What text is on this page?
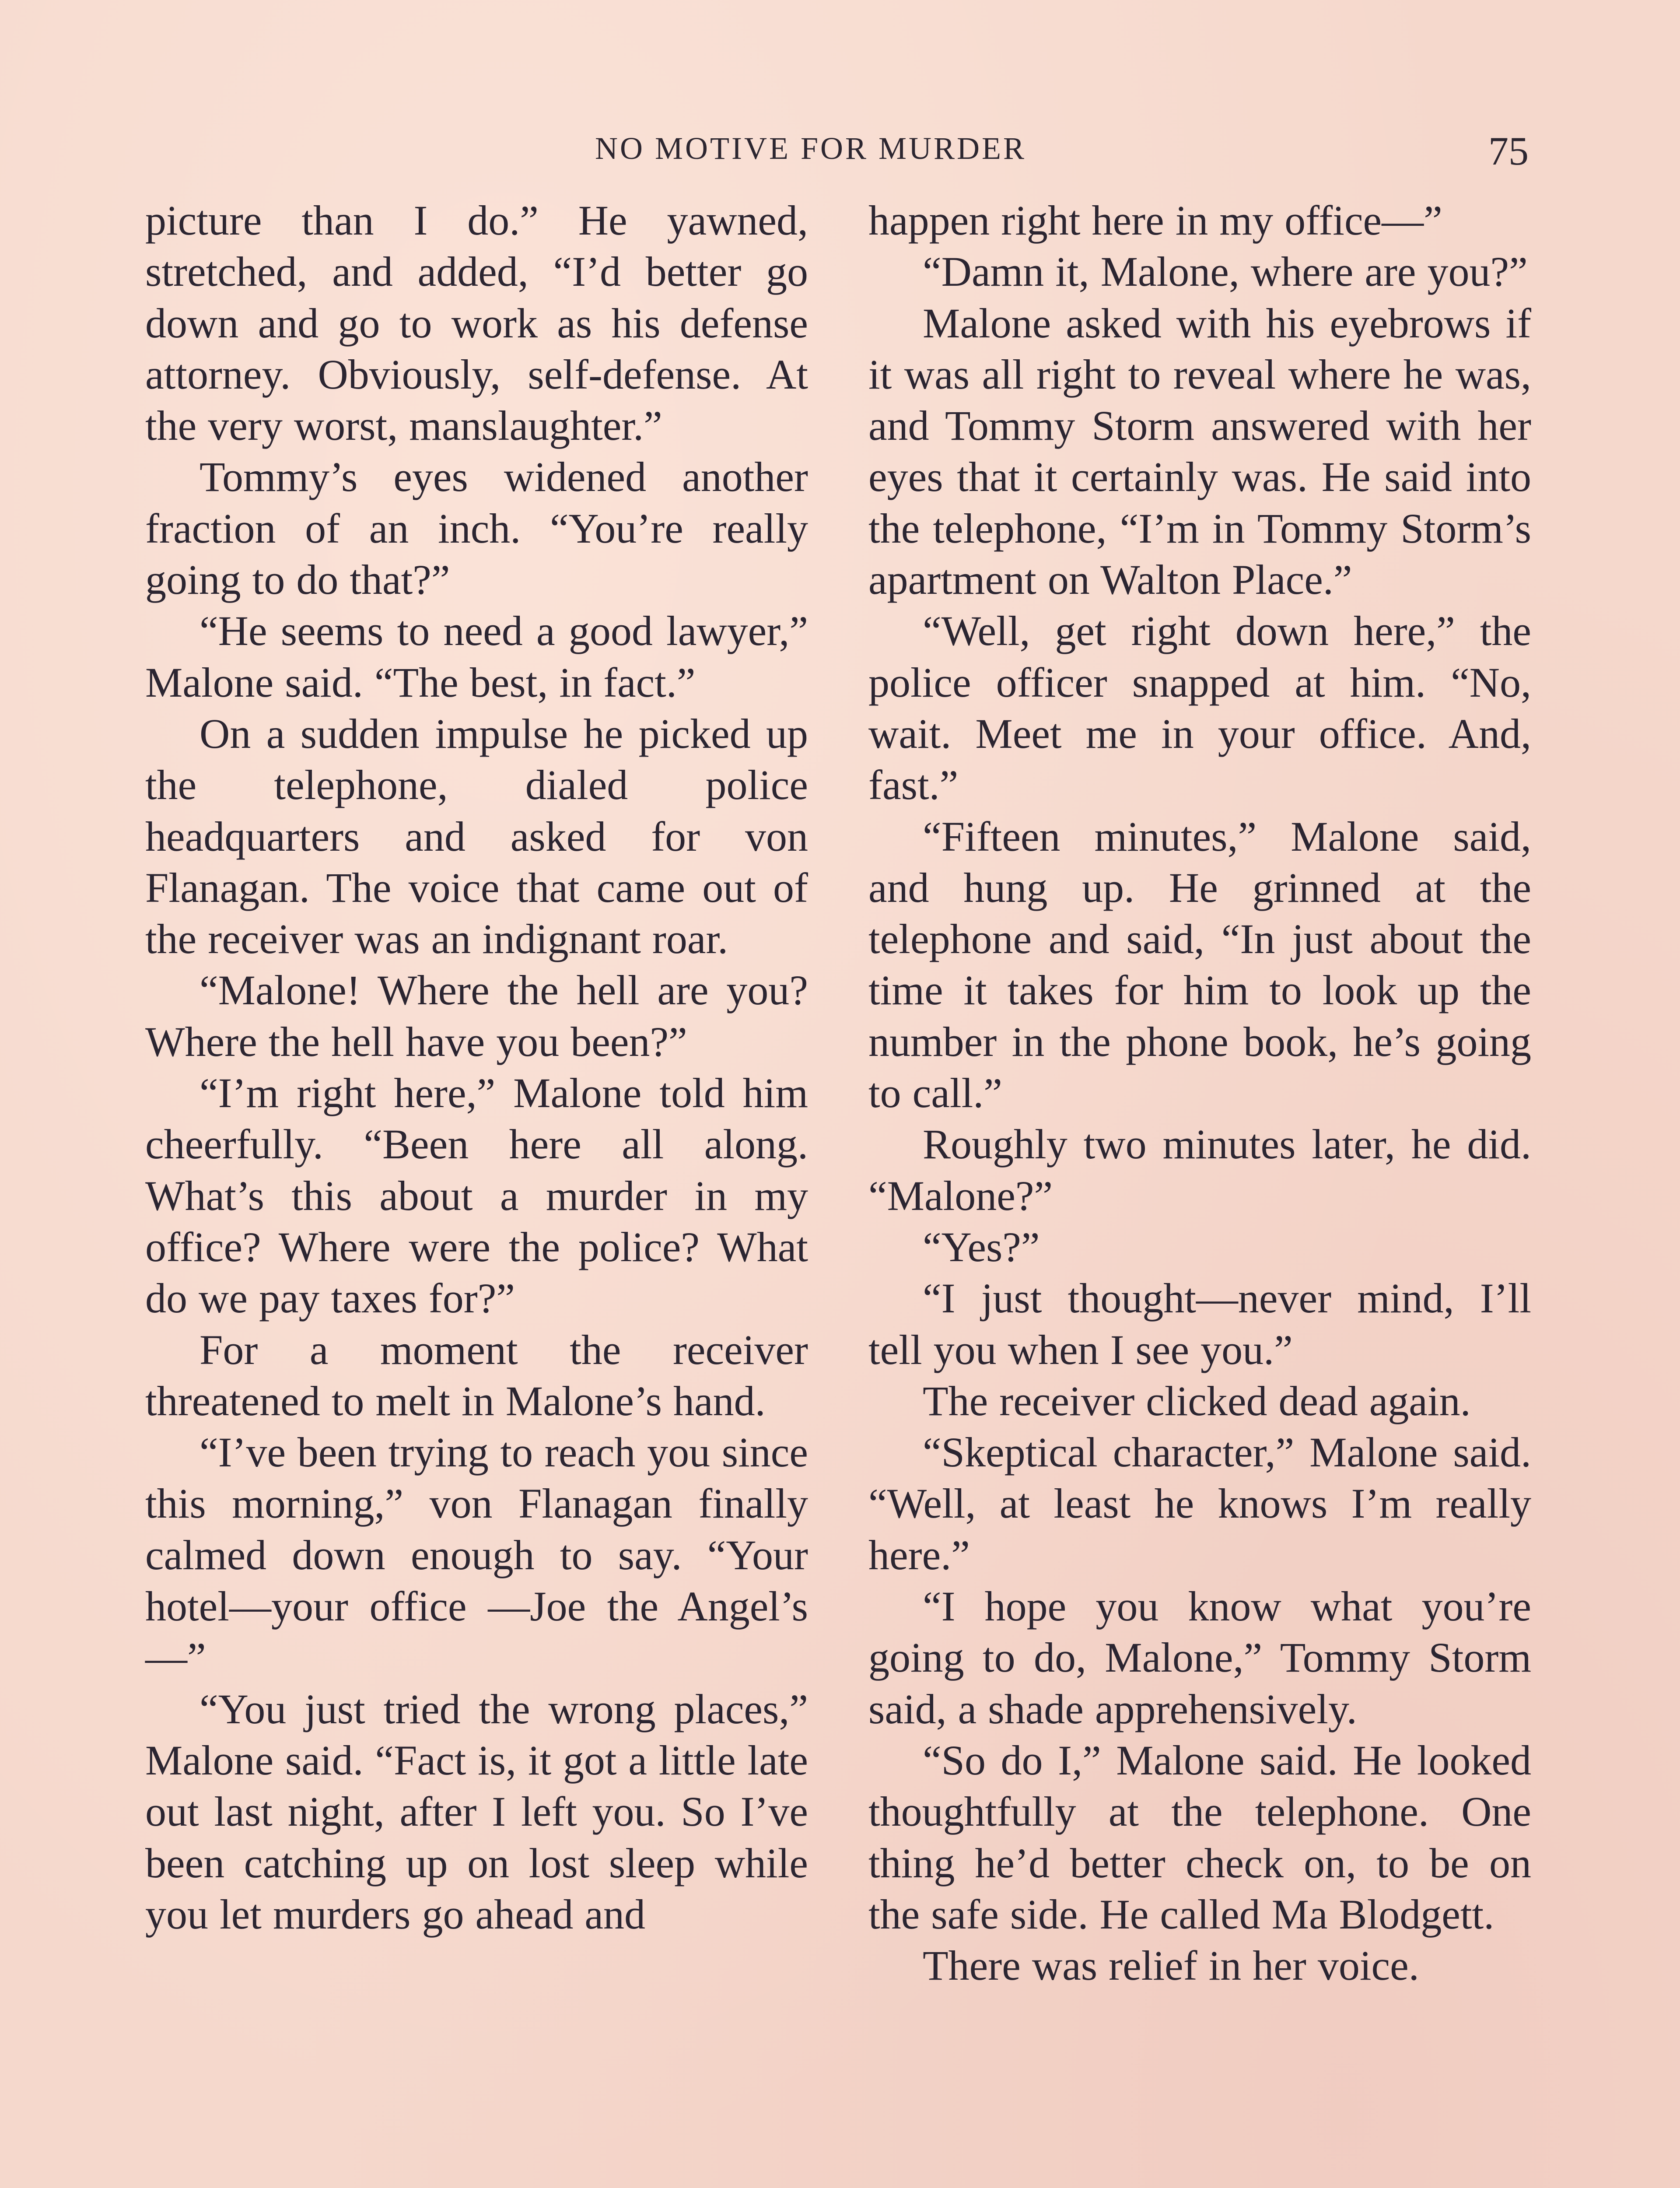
NO MOTIVE FOR MURDER	75

picture than I do.” He yawned, stretched, and added, “I’d better go down and go to work as his defense attorney. Obviously, self-defense. At the very worst, manslaughter.”

Tommy’s eyes widened another fraction of an inch. “You’re really going to do that?”

“He seems to need a good lawyer,” Malone said. “The best, in fact.”

On a sudden impulse he picked up the telephone, dialed police headquarters and asked for von Flanagan. The voice that came out of the receiver was an indignant roar.

“Malone! Where the hell are you? Where the hell have you been?”

“I’m right here,” Malone told him cheerfully. “Been here all along. What’s this about a murder in my office? Where were the police? What do we pay taxes for?”

For a moment the receiver threatened to melt in Malone’s hand.

“I’ve been trying to reach you since this morning,” von Flanagan finally calmed down enough to say. “Your hotel—your office —Joe the Angel’s—”

“You just tried the wrong places,” Malone said. “Fact is, it got a little late out last night, after I left you. So I’ve been catching up on lost sleep while you let murders go ahead and

happen right here in my office—”

“Damn it, Malone, where are you?”

Malone asked with his eyebrows if it was all right to reveal where he was, and Tommy Storm answered with her eyes that it certainly was. He said into the telephone, “I’m in Tommy Storm’s apartment on Walton Place.”

“Well, get right down here,” the police officer snapped at him. “No, wait. Meet me in your office. And, fast.”

“Fifteen minutes,” Malone said, and hung up. He grinned at the telephone and said, “In just about the time it takes for him to look up the number in the phone book, he’s going to call.”

Roughly two minutes later, he did. “Malone?”

“Yes?”

“I just thought—never mind, I’ll tell you when I see you.”

The receiver clicked dead again.

“Skeptical character,” Malone said. “Well, at least he knows I’m really here.”

“I hope you know what you’re going to do, Malone,” Tommy Storm said, a shade apprehensively.

“So do I,” Malone said. He looked thoughtfully at the telephone. One thing he’d better check on, to be on the safe side. He called Ma Blodgett.

There was relief in her voice.
